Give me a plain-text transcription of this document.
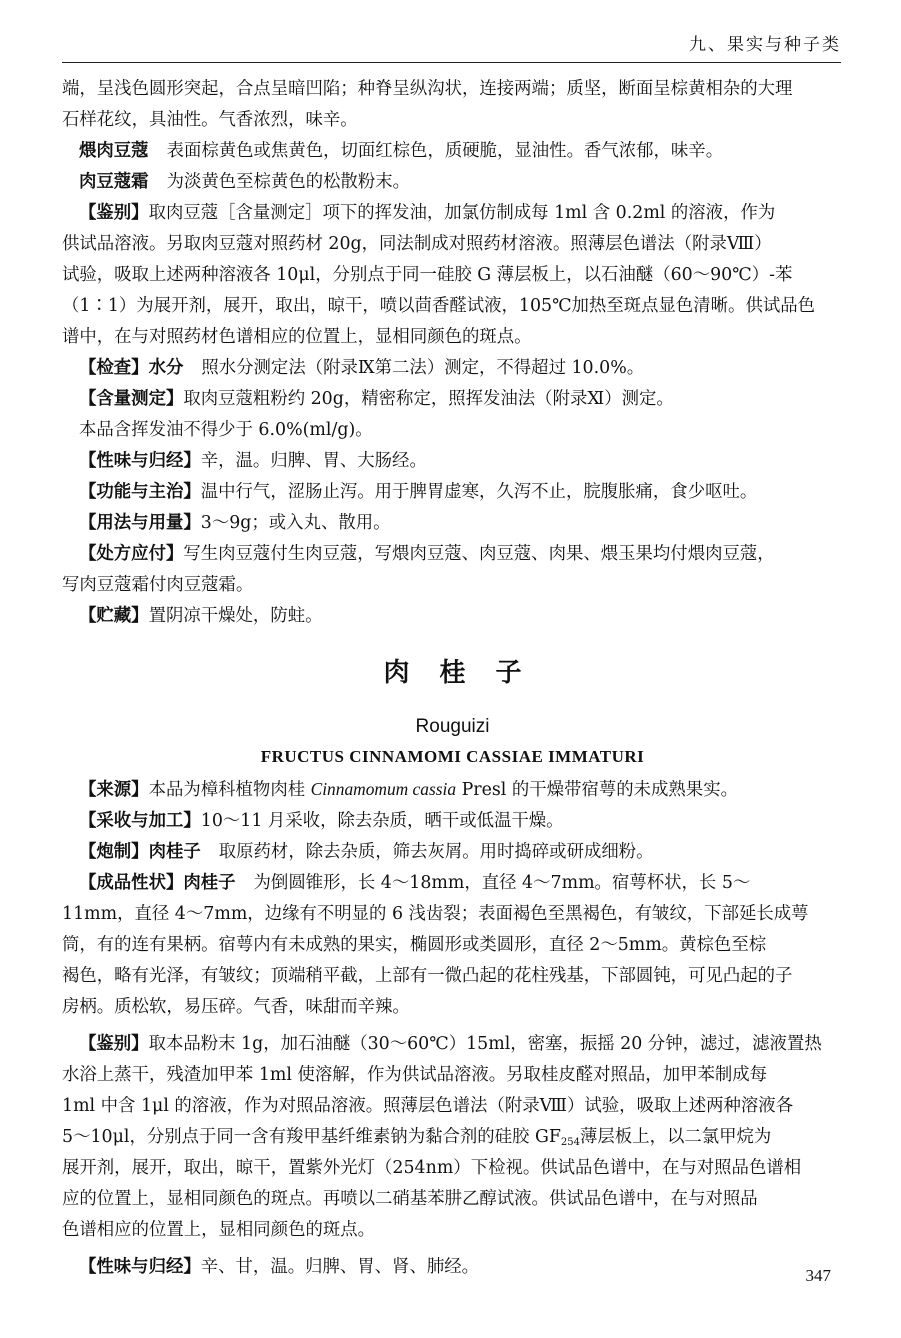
九、果实与种子类

端，呈浅色圆形突起，合点呈暗凹陷；种脊呈纵沟状，连接两端；质坚，断面呈棕黄相杂的大理

石样花纹，具油性。气香浓烈，味辛。

煨肉豆蔻 表面棕黄色或焦黄色，切面红棕色，质硬脆，显油性。香气浓郁，味辛。

肉豆蔻霜 为淡黄色至棕黄色的松散粉末。

【鉴别】取肉豆蔻［含量测定］项下的挥发油，加氯仿制成每 1ml 含 0.2ml 的溶液，作为

供试品溶液。另取肉豆蔻对照药材 20g，同法制成对照药材溶液。照薄层色谱法（附录Ⅷ）

试验，吸取上述两种溶液各 10μl，分别点于同一硅胶 G 薄层板上，以石油醚（60～90℃）-苯

（1∶1）为展开剂，展开，取出，晾干，喷以茴香醛试液，105℃加热至斑点显色清晰。供试品色

谱中，在与对照药材色谱相应的位置上，显相同颜色的斑点。

【检查】水分 照水分测定法（附录Ⅸ第二法）测定，不得超过 10.0%。

【含量测定】取肉豆蔻粗粉约 20g，精密称定，照挥发油法（附录Ⅺ）测定。

本品含挥发油不得少于 6.0%(ml/g)。

【性味与归经】辛，温。归脾、胃、大肠经。

【功能与主治】温中行气，涩肠止泻。用于脾胃虚寒，久泻不止，脘腹胀痛，食少呕吐。

【用法与用量】3～9g；或入丸、散用。

【处方应付】写生肉豆蔻付生肉豆蔻，写煨肉豆蔻、肉豆蔻、肉果、煨玉果均付煨肉豆蔻，

写肉豆蔻霜付肉豆蔻霜。

【贮藏】置阴凉干燥处，防蛀。

肉桂子
Rouguizi
FRUCTUS CINNAMOMI CASSIAE IMMATURI

【来源】本品为樟科植物肉桂 Cinnamomum cassia Presl 的干燥带宿萼的未成熟果实。

【采收与加工】10～11 月采收，除去杂质，晒干或低温干燥。

【炮制】肉桂子 取原药材，除去杂质，筛去灰屑。用时捣碎或研成细粉。

【成品性状】肉桂子 为倒圆锥形，长 4～18mm，直径 4～7mm。宿萼杯状，长 5～

11mm，直径 4～7mm，边缘有不明显的 6 浅齿裂；表面褐色至黑褐色，有皱纹，下部延长成萼

筒，有的连有果柄。宿萼内有未成熟的果实，椭圆形或类圆形，直径 2～5mm。黄棕色至棕

褐色，略有光泽，有皱纹；顶端稍平截，上部有一微凸起的花柱残基，下部圆钝，可见凸起的子

房柄。质松软，易压碎。气香，味甜而辛辣。

【鉴别】取本品粉末 1g，加石油醚（30～60℃）15ml，密塞，振摇 20 分钟，滤过，滤液置热

水浴上蒸干，残渣加甲苯 1ml 使溶解，作为供试品溶液。另取桂皮醛对照品，加甲苯制成每

1ml 中含 1μl 的溶液，作为对照品溶液。照薄层色谱法（附录Ⅷ）试验，吸取上述两种溶液各

5～10μl，分别点于同一含有羧甲基纤维素钠为黏合剂的硅胶 $GF_{254}$薄层板上，以二氯甲烷为

展开剂，展开，取出，晾干，置紫外光灯（254nm）下检视。供试品色谱中，在与对照品色谱相

应的位置上，显相同颜色的斑点。再喷以二硝基苯肼乙醇试液。供试品色谱中，在与对照品

色谱相应的位置上，显相同颜色的斑点。

【性味与归经】辛、甘，温。归脾、胃、肾、肺经。	347
